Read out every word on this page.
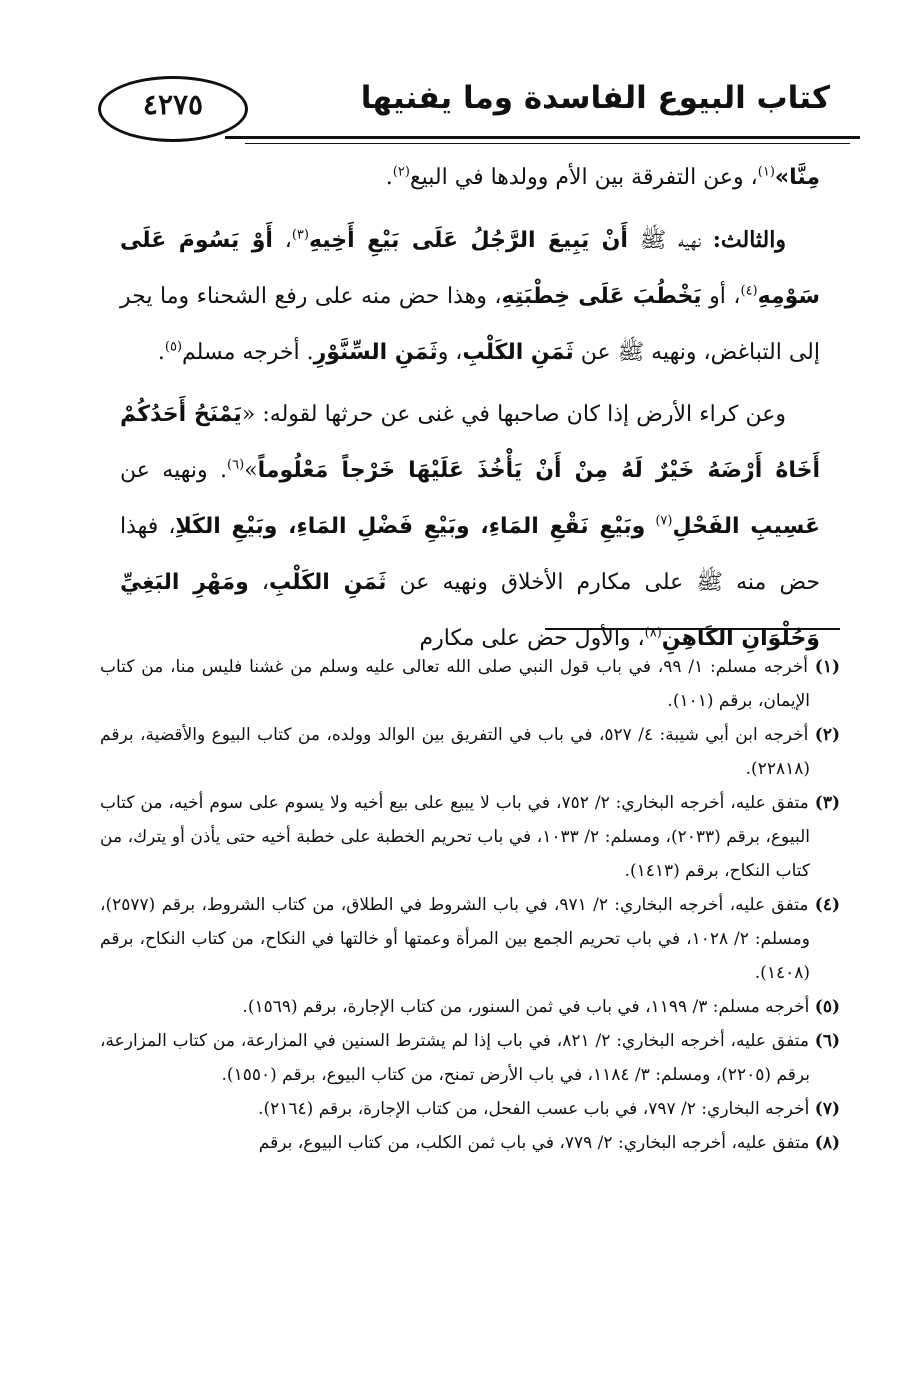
كتاب البيوع الفاسدة وما يفنيها
٤٢٧٥

مِنَّا»$^{(١)}$، وعن التفرقة بين الأم وولدها في البيع$^{(٢)}$.

والثالث: نهيه ﷺ أَنْ يَبِيعَ الرَّجُلُ عَلَى بَيْعِ أَخِيهِ$^{(٣)}$، أَوْ يَسُومَ عَلَى سَوْمِهِ$^{(٤)}$، أو يَخْطُبَ عَلَى خِطْبَتِهِ، وهذا حض منه على رفع الشحناء وما يجر إلى التباغض، ونهيه ﷺ عن ثَمَنِ الكَلْبِ، وثَمَنِ السِّنَّوْرِ. أخرجه مسلم$^{(٥)}$.

وعن كراء الأرض إذا كان صاحبها في غنى عن حرثها لقوله: «يَمْنَحُ أَحَدُكُمْ أَخَاهُ أَرْضَهُ خَيْرٌ لَهُ مِنْ أَنْ يَأْخُذَ عَلَيْهَا خَرْجاً مَعْلُوماً»$^{(٦)}$. ونهيه عن عَسِيبِ الفَحْلِ$^{(٧)}$ وبَيْعِ نَقْعِ المَاءِ، وبَيْعِ فَضْلِ المَاءِ، وبَيْعِ الكَلاِ، فهذا حض منه ﷺ على مكارم الأخلاق ونهيه عن ثَمَنِ الكَلْبِ، ومَهْرِ البَغِيِّ وَحُلْوَانِ الكَاهِنِ$^{(٨)}$، والأول حض على مكارم

(١) أخرجه مسلم: ١/ ٩٩، في باب قول النبي صلى الله تعالى عليه وسلم من غشنا فليس منا، من كتاب الإيمان، برقم (١٠١).

(٢) أخرجه ابن أبي شيبة: ٤/ ٥٢٧، في باب في التفريق بين الوالد وولده، من كتاب البيوع والأقضية، برقم (٢٢٨١٨).

(٣) متفق عليه، أخرجه البخاري: ٢/ ٧٥٢، في باب لا يبيع على بيع أخيه ولا يسوم على سوم أخيه، من كتاب البيوع، برقم (٢٠٣٣)، ومسلم: ٢/ ١٠٣٣، في باب تحريم الخطبة على خطبة أخيه حتى يأذن أو يترك، من كتاب النكاح، برقم (١٤١٣).

(٤) متفق عليه، أخرجه البخاري: ٢/ ٩٧١، في باب الشروط في الطلاق، من كتاب الشروط، برقم (٢٥٧٧)، ومسلم: ٢/ ١٠٢٨، في باب تحريم الجمع بين المرأة وعمتها أو خالتها في النكاح، من كتاب النكاح، برقم (١٤٠٨).

(٥) أخرجه مسلم: ٣/ ١١٩٩، في باب في ثمن السنور، من كتاب الإجارة، برقم (١٥٦٩).

(٦) متفق عليه، أخرجه البخاري: ٢/ ٨٢١، في باب إذا لم يشترط السنين في المزارعة، من كتاب المزارعة، برقم (٢٢٠٥)، ومسلم: ٣/ ١١٨٤، في باب الأرض تمنح، من كتاب البيوع، برقم (١٥٥٠).

(٧) أخرجه البخاري: ٢/ ٧٩٧، في باب عسب الفحل، من كتاب الإجارة، برقم (٢١٦٤).

(٨) متفق عليه، أخرجه البخاري: ٢/ ٧٧٩، في باب ثمن الكلب، من كتاب البيوع، برقم
